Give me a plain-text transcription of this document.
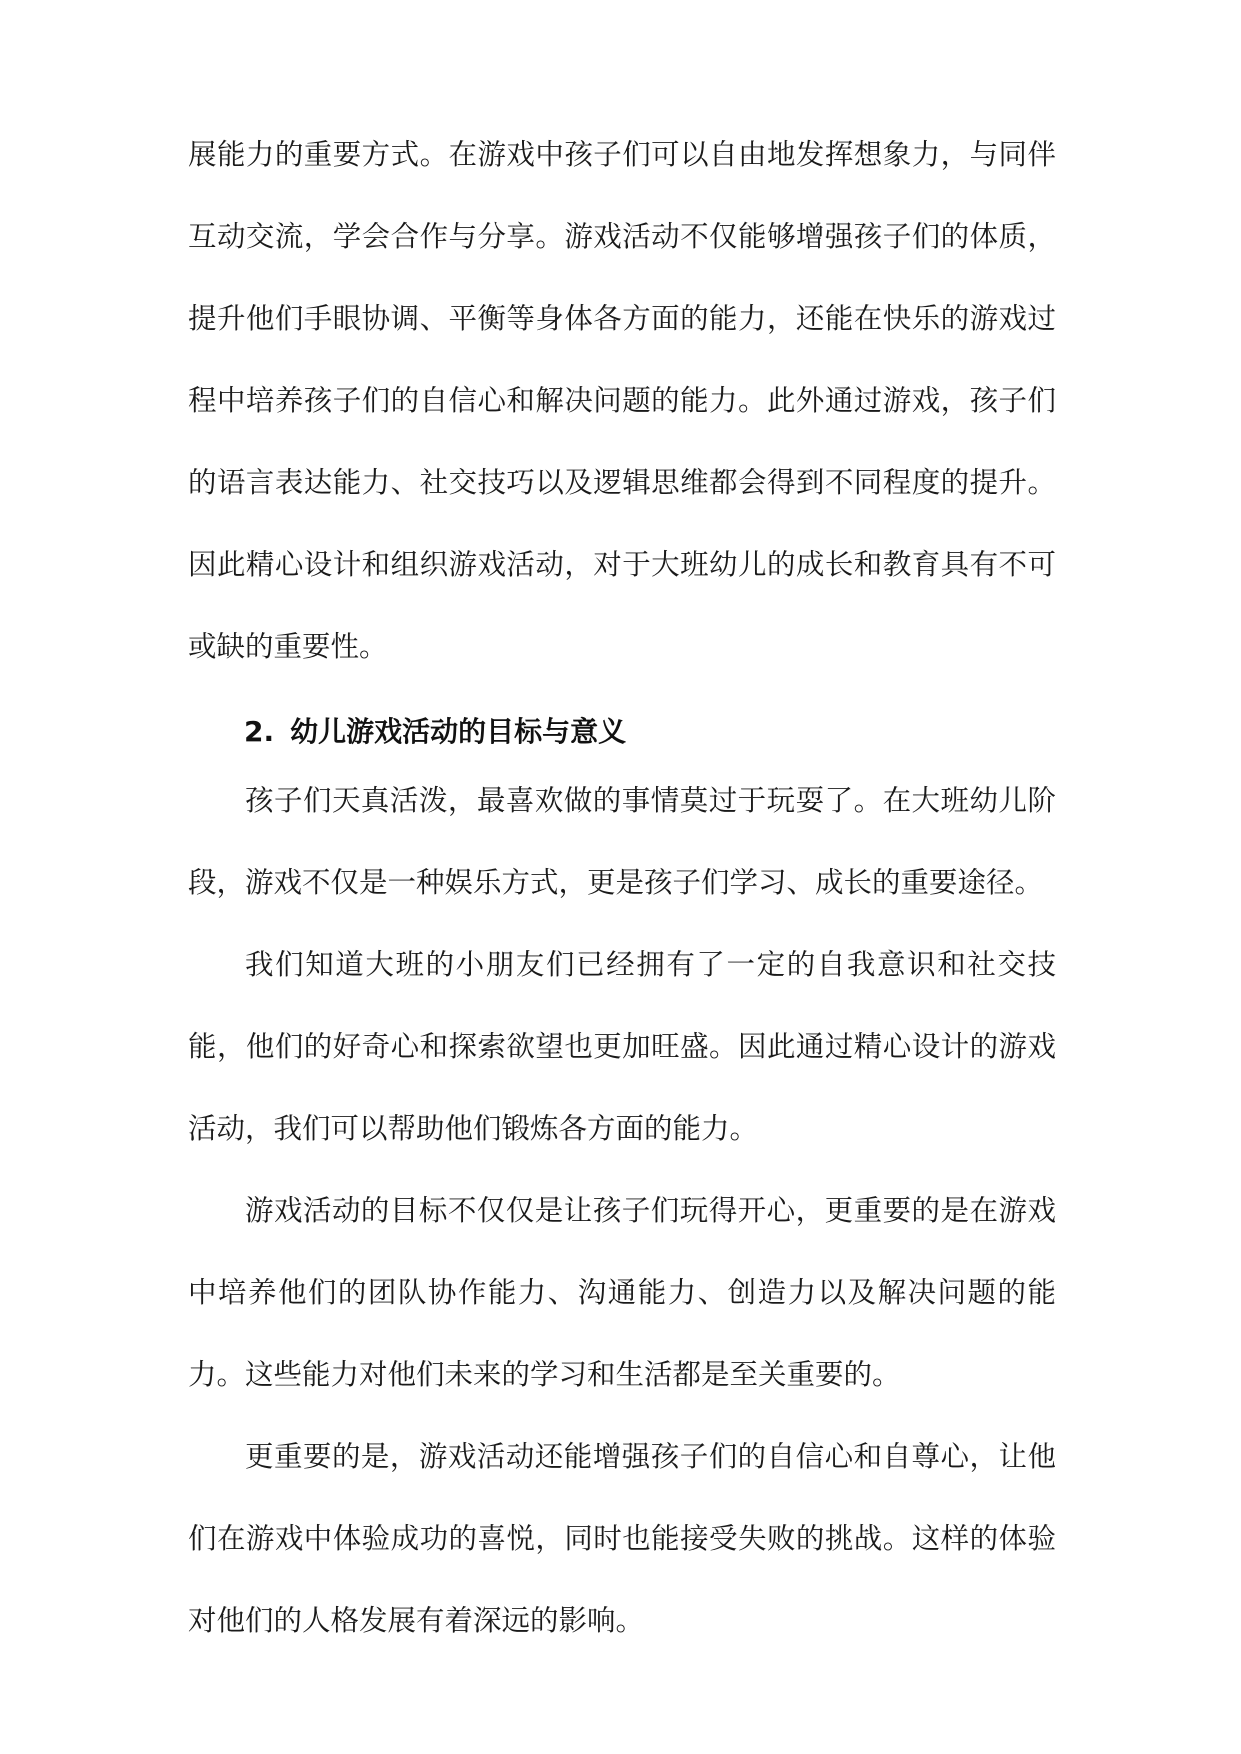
展能力的重要方式。在游戏中孩子们可以自由地发挥想象力，与同伴互动交流，学会合作与分享。游戏活动不仅能够增强孩子们的体质，提升他们手眼协调、平衡等身体各方面的能力，还能在快乐的游戏过程中培养孩子们的自信心和解决问题的能力。此外通过游戏，孩子们的语言表达能力、社交技巧以及逻辑思维都会得到不同程度的提升。因此精心设计和组织游戏活动，对于大班幼儿的成长和教育具有不可或缺的重要性。

2. 幼儿游戏活动的目标与意义

孩子们天真活泼，最喜欢做的事情莫过于玩耍了。在大班幼儿阶段，游戏不仅是一种娱乐方式，更是孩子们学习、成长的重要途径。

我们知道大班的小朋友们已经拥有了一定的自我意识和社交技能，他们的好奇心和探索欲望也更加旺盛。因此通过精心设计的游戏活动，我们可以帮助他们锻炼各方面的能力。

游戏活动的目标不仅仅是让孩子们玩得开心，更重要的是在游戏中培养他们的团队协作能力、沟通能力、创造力以及解决问题的能力。这些能力对他们未来的学习和生活都是至关重要的。

更重要的是，游戏活动还能增强孩子们的自信心和自尊心，让他们在游戏中体验成功的喜悦，同时也能接受失败的挑战。这样的体验对他们的人格发展有着深远的影响。
